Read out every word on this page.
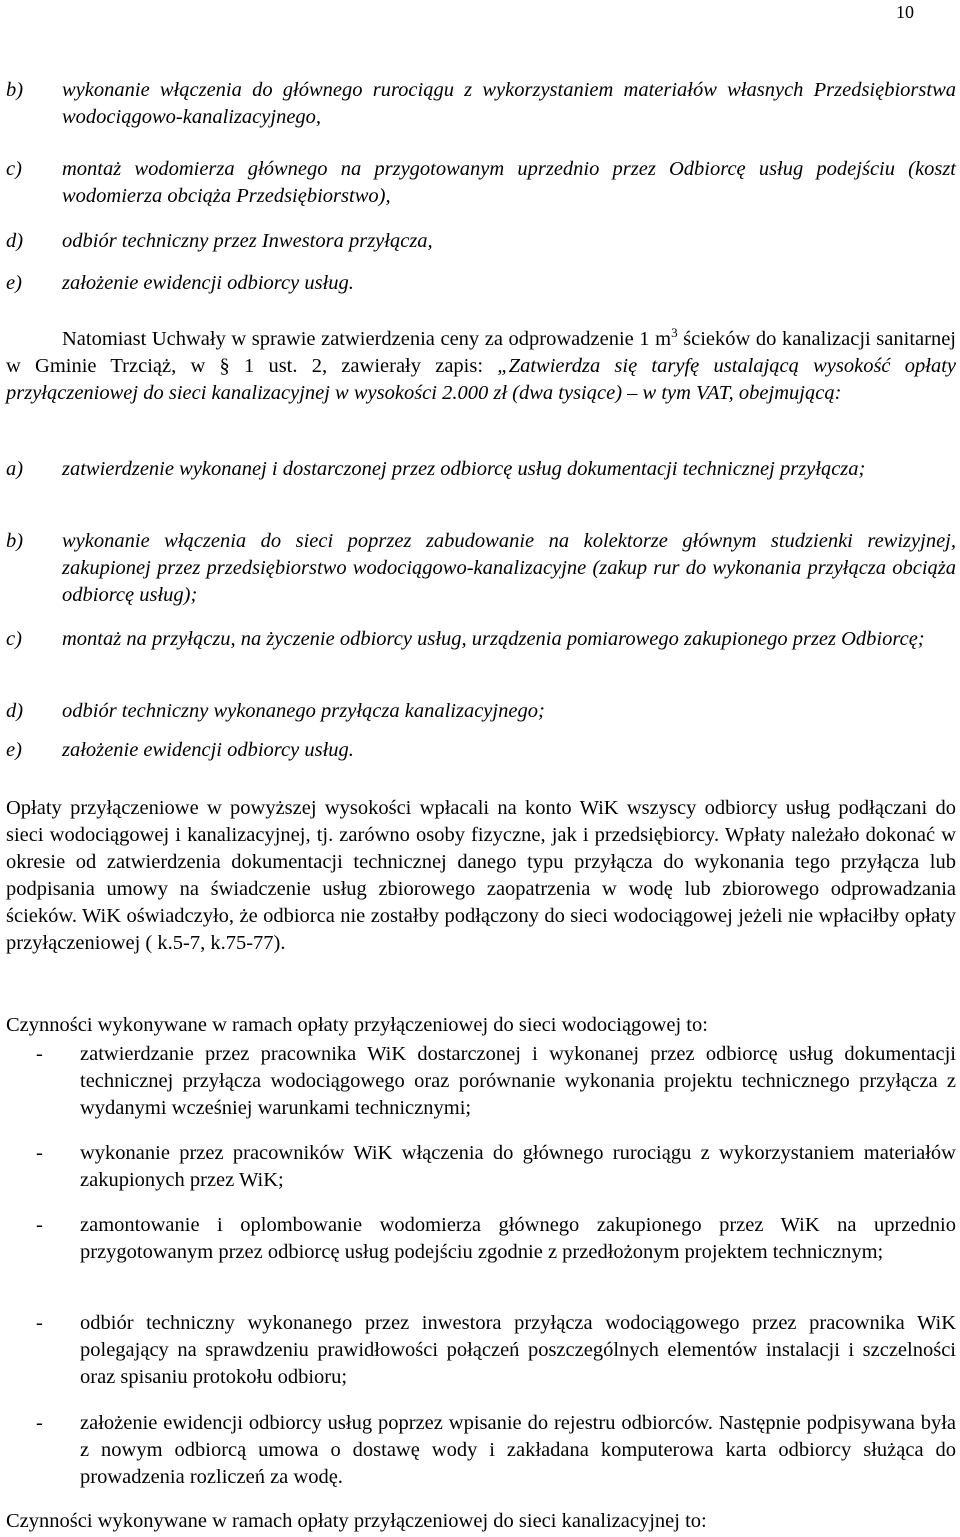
10
b) wykonanie włączenia do głównego rurociągu z wykorzystaniem materiałów własnych Przedsiębiorstwa wodociągowo-kanalizacyjnego,
c) montaż wodomierza głównego na przygotowanym uprzednio przez Odbiorcę usług podejściu (koszt wodomierza obciąża Przedsiębiorstwo),
d) odbiór techniczny przez Inwestora przyłącza,
e) założenie ewidencji odbiorcy usług.
Natomiast Uchwały w sprawie zatwierdzenia ceny za odprowadzenie 1 $m^3$ ścieków do kanalizacji sanitarnej w Gminie Trzciąż, w § 1 ust. 2, zawierały zapis: „Zatwierdza się taryfę ustalającą wysokość opłaty przyłączeniowej do sieci kanalizacyjnej w wysokości 2.000 zł (dwa tysiące) – w tym VAT, obejmującą:
a) zatwierdzenie wykonanej i dostarczonej przez odbiorcę usług dokumentacji technicznej przyłącza;
b) wykonanie włączenia do sieci poprzez zabudowanie na kolektorze głównym studzienki rewizyjnej, zakupionej przez przedsiębiorstwo wodociągowo-kanalizacyjne (zakup rur do wykonania przyłącza obciąża odbiorcę usług);
c) montaż na przyłączu, na życzenie odbiorcy usług, urządzenia pomiarowego zakupionego przez Odbiorcę;
d) odbiór techniczny wykonanego przyłącza kanalizacyjnego;
e) założenie ewidencji odbiorcy usług.
Opłaty przyłączeniowe w powyższej wysokości wpłacali na konto WiK wszyscy odbiorcy usług podłączani do sieci wodociągowej i kanalizacyjnej, tj. zarówno osoby fizyczne, jak i przedsiębiorcy. Wpłaty należało dokonać w okresie od zatwierdzenia dokumentacji technicznej danego typu przyłącza do wykonania tego przyłącza lub podpisania umowy na świadczenie usług zbiorowego zaopatrzenia w wodę lub zbiorowego odprowadzania ścieków. WiK oświadczyło, że odbiorca nie zostałby podłączony do sieci wodociągowej jeżeli nie wpłaciłby opłaty przyłączeniowej ( k.5-7, k.75-77).
Czynności wykonywane w ramach opłaty przyłączeniowej do sieci wodociągowej to:
- zatwierdzanie przez pracownika WiK dostarczonej i wykonanej przez odbiorcę usług dokumentacji technicznej przyłącza wodociągowego oraz porównanie wykonania projektu technicznego przyłącza z wydanymi wcześniej warunkami technicznymi;
- wykonanie przez pracowników WiK włączenia do głównego rurociągu z wykorzystaniem materiałów zakupionych przez WiK;
- zamontowanie i oplombowanie wodomierza głównego zakupionego przez WiK na uprzednio przygotowanym przez odbiorcę usług podejściu zgodnie z przedłożonym projektem technicznym;
- odbiór techniczny wykonanego przez inwestora przyłącza wodociągowego przez pracownika WiK polegający na sprawdzeniu prawidłowości połączeń poszczególnych elementów instalacji i szczelności oraz spisaniu protokołu odbioru;
- założenie ewidencji odbiorcy usług poprzez wpisanie do rejestru odbiorców. Następnie podpisywana była z nowym odbiorcą umowa o dostawę wody i zakładana komputerowa karta odbiorcy służąca do prowadzenia rozliczeń za wodę.
Czynności wykonywane w ramach opłaty przyłączeniowej do sieci kanalizacyjnej to:
